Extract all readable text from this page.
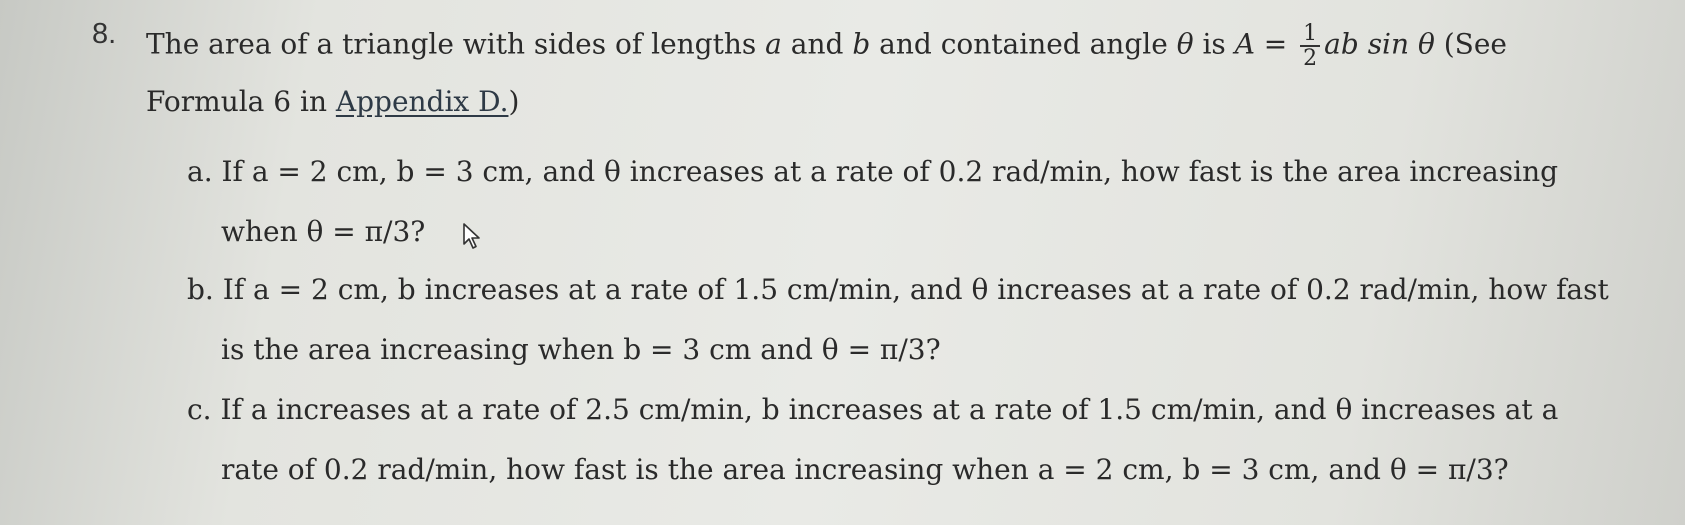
8. The area of a triangle with sides of lengths a and b and contained angle θ is $A = \frac{1}{2}$ ab sin θ (See
Formula 6 in Appendix D.)
a. If a = 2 cm, b = 3 cm, and θ increases at a rate of 0.2 rad/min, how fast is the area increasing
when θ = π/3?
b. If a = 2 cm, b increases at a rate of 1.5 cm/min, and θ increases at a rate of 0.2 rad/min, how fast
is the area increasing when b = 3 cm and θ = π/3?
c. If a increases at a rate of 2.5 cm/min, b increases at a rate of 1.5 cm/min, and θ increases at a
rate of 0.2 rad/min, how fast is the area increasing when a = 2 cm, b = 3 cm, and θ = π/3?
